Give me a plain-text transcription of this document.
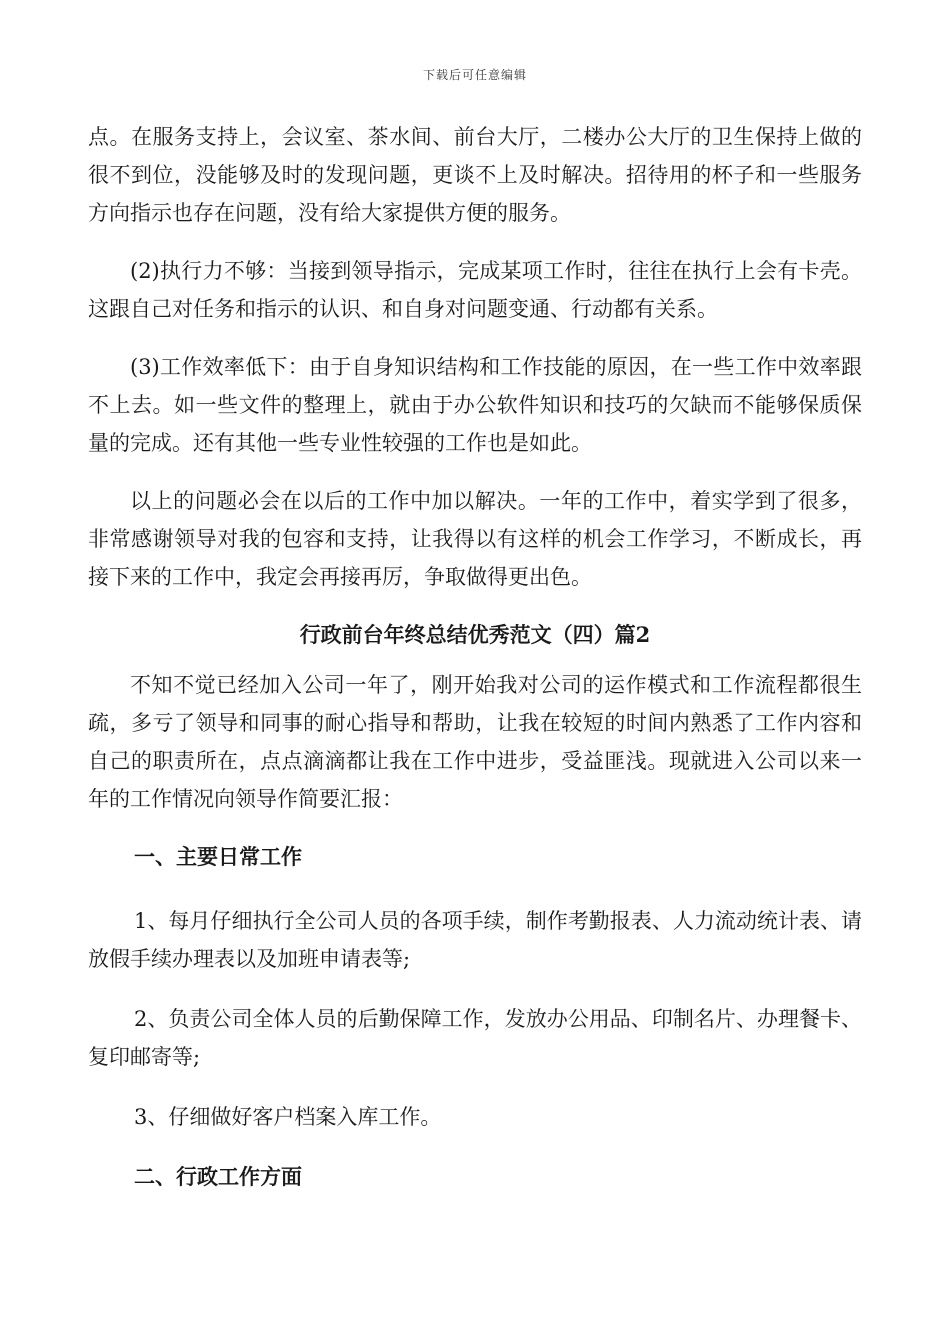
下载后可任意编辑

点。在服务支持上，会议室、茶水间、前台大厅，二楼办公大厅的卫生保持上做的很不到位，没能够及时的发现问题，更谈不上及时解决。招待用的杯子和一些服务方向指示也存在问题，没有给大家提供方便的服务。

(2)执行力不够：当接到领导指示，完成某项工作时，往往在执行上会有卡壳。这跟自己对任务和指示的认识、和自身对问题变通、行动都有关系。

(3)工作效率低下：由于自身知识结构和工作技能的原因，在一些工作中效率跟不上去。如一些文件的整理上，就由于办公软件知识和技巧的欠缺而不能够保质保量的完成。还有其他一些专业性较强的工作也是如此。

以上的问题必会在以后的工作中加以解决。一年的工作中，着实学到了很多，非常感谢领导对我的包容和支持，让我得以有这样的机会工作学习，不断成长，再接下来的工作中，我定会再接再厉，争取做得更出色。

行政前台年终总结优秀范文（四）篇2

不知不觉已经加入公司一年了，刚开始我对公司的运作模式和工作流程都很生疏，多亏了领导和同事的耐心指导和帮助，让我在较短的时间内熟悉了工作内容和自己的职责所在，点点滴滴都让我在工作中进步，受益匪浅。现就进入公司以来一年的工作情况向领导作简要汇报：

一、主要日常工作

1、每月仔细执行全公司人员的各项手续，制作考勤报表、人力流动统计表、请放假手续办理表以及加班申请表等;

2、负责公司全体人员的后勤保障工作，发放办公用品、印制名片、办理餐卡、复印邮寄等;

3、仔细做好客户档案入库工作。

二、行政工作方面
